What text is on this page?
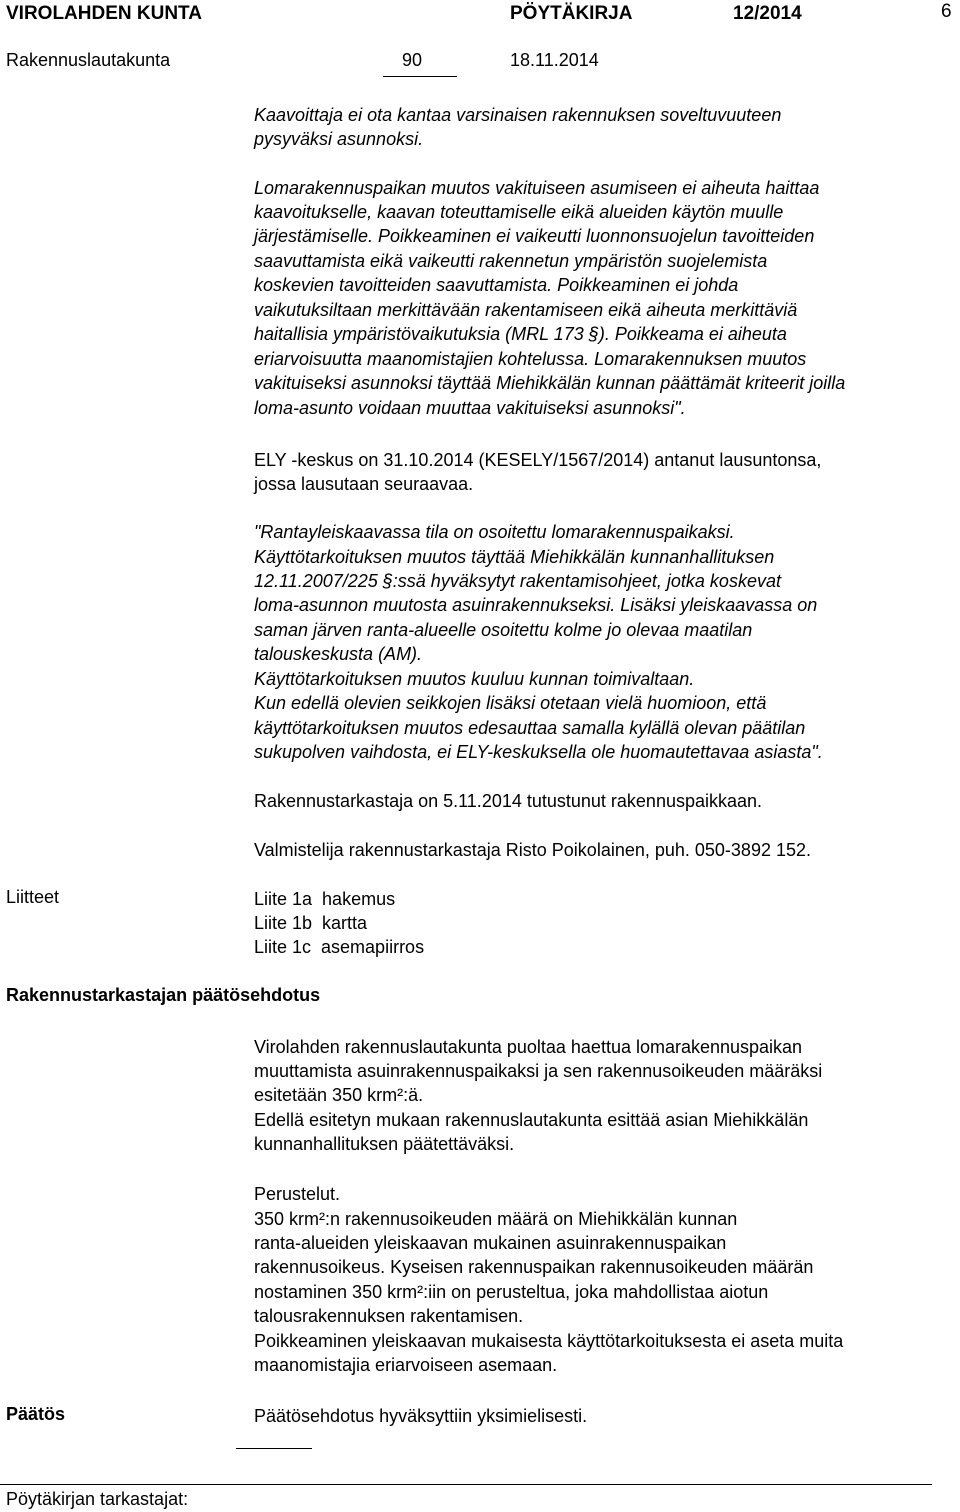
VIROLAHDEN KUNTA	PÖYTÄKIRJA	12/2014	6
Rakennuslautakunta	90	18.11.2014
Kaavoittaja ei ota kantaa varsinaisen rakennuksen soveltuvuuteen
pysyväksi asunnoksi.
Lomarakennuspaikan muutos vakituiseen asumiseen ei aiheuta haittaa
kaavoitukselle, kaavan toteuttamiselle eikä alueiden käytön muulle
järjestämiselle. Poikkeaminen ei vaikeutti luonnonsuojelun tavoitteiden
saavuttamista eikä vaikeutti rakennetun ympäristön suojelemista
koskevien tavoitteiden saavuttamista. Poikkeaminen ei johda
vaikutuksiltaan merkittävään rakentamiseen eikä aiheuta merkittäviä
haitallisia ympäristövaikutuksia (MRL 173 §). Poikkeama ei aiheuta
eriarvoisuutta maanomistajien kohtelussa. Lomarakennuksen muutos
vakituiseksi asunnoksi täyttää Miehikkälän kunnan päättämät kriteerit joilla
loma-asunto voidaan muuttaa vakituiseksi asunnoksi".
ELY -keskus on 31.10.2014 (KESELY/1567/2014) antanut lausuntonsa,
jossa lausutaan seuraavaa.
"Rantayleiskaavassa tila on osoitettu lomarakennuspaikaksi.
Käyttötarkoituksen muutos täyttää Miehikkälän kunnanhallituksen
12.11.2007/225 §:ssä hyväksytyt rakentamisohjeet, jotka koskevat
loma-asunnon muutosta asuinrakennukseksi. Lisäksi yleiskaavassa on
saman järven ranta-alueelle osoitettu kolme jo olevaa maatilan
talouskeskusta (AM).
Käyttötarkoituksen muutos kuuluu kunnan toimivaltaan.
Kun edellä olevien seikkojen lisäksi otetaan vielä huomioon, että
käyttötarkoituksen muutos edesauttaa samalla kylällä olevan päätilan
sukupolven vaihdosta, ei ELY-keskuksella ole huomautettavaa asiasta".
Rakennustarkastaja on 5.11.2014 tutustunut rakennuspaikkaan.
Valmistelija rakennustarkastaja Risto Poikolainen, puh. 050-3892 152.
Liitteet	Liite 1a  hakemus
Liite 1b  kartta
Liite 1c  asemapiirros
Rakennustarkastajan päätösehdotus
Virolahden rakennuslautakunta puoltaa haettua lomarakennuspaikan
muuttamista asuinrakennuspaikaksi ja sen rakennusoikeuden määräksi
esitetään 350 krm²:ä.
Edellä esitetyn mukaan rakennuslautakunta esittää asian Miehikkälän
kunnanhallituksen päätettäväksi.
Perustelut.
350 krm²:n rakennusoikeuden määrä on Miehikkälän kunnan
ranta-alueiden yleiskaavan mukainen asuinrakennuspaikan
rakennusoikeus. Kyseisen rakennuspaikan rakennusoikeuden määrän
nostaminen 350 krm²:iin on perusteltua, joka mahdollistaa aiotun
talousrakennuksen rakentamisen.
Poikkeaminen yleiskaavan mukaisesta käyttötarkoituksesta ei aseta muita
maanomistajia eriarvoiseen asemaan.
Päätös	Päätösehdotus hyväksyttiin yksimielisesti.
Pöytäkirjan tarkastajat:
